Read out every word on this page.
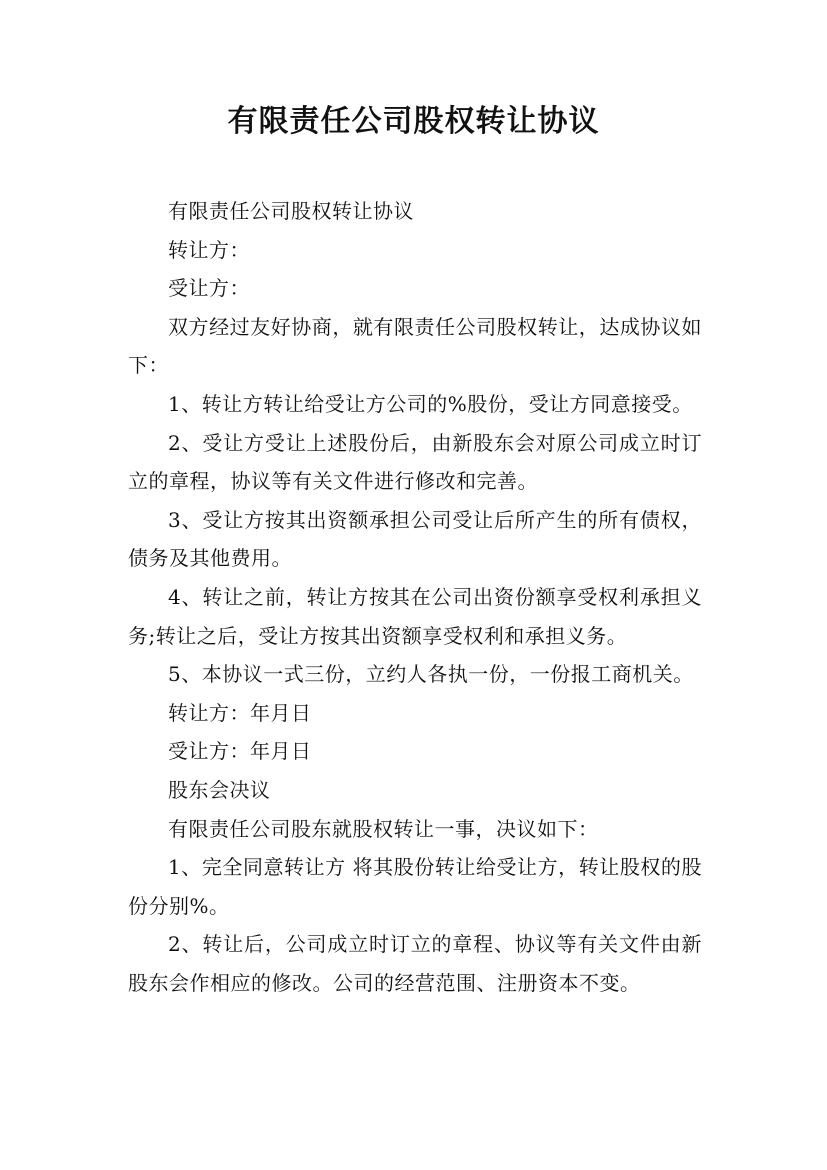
有限责任公司股权转让协议

有限责任公司股权转让协议

转让方：

受让方：

双方经过友好协商，就有限责任公司股权转让，达成协议如下：

1、转让方转让给受让方公司的%股份，受让方同意接受。

2、受让方受让上述股份后，由新股东会对原公司成立时订立的章程，协议等有关文件进行修改和完善。

3、受让方按其出资额承担公司受让后所产生的所有债权，债务及其他费用。

4、转让之前，转让方按其在公司出资份额享受权利承担义务;转让之后，受让方按其出资额享受权利和承担义务。

5、本协议一式三份，立约人各执一份，一份报工商机关。

转让方：年月日

受让方：年月日

股东会决议

有限责任公司股东就股权转让一事，决议如下：

1、完全同意转让方 将其股份转让给受让方，转让股权的股份分别%。

2、转让后，公司成立时订立的章程、协议等有关文件由新股东会作相应的修改。公司的经营范围、注册资本不变。
